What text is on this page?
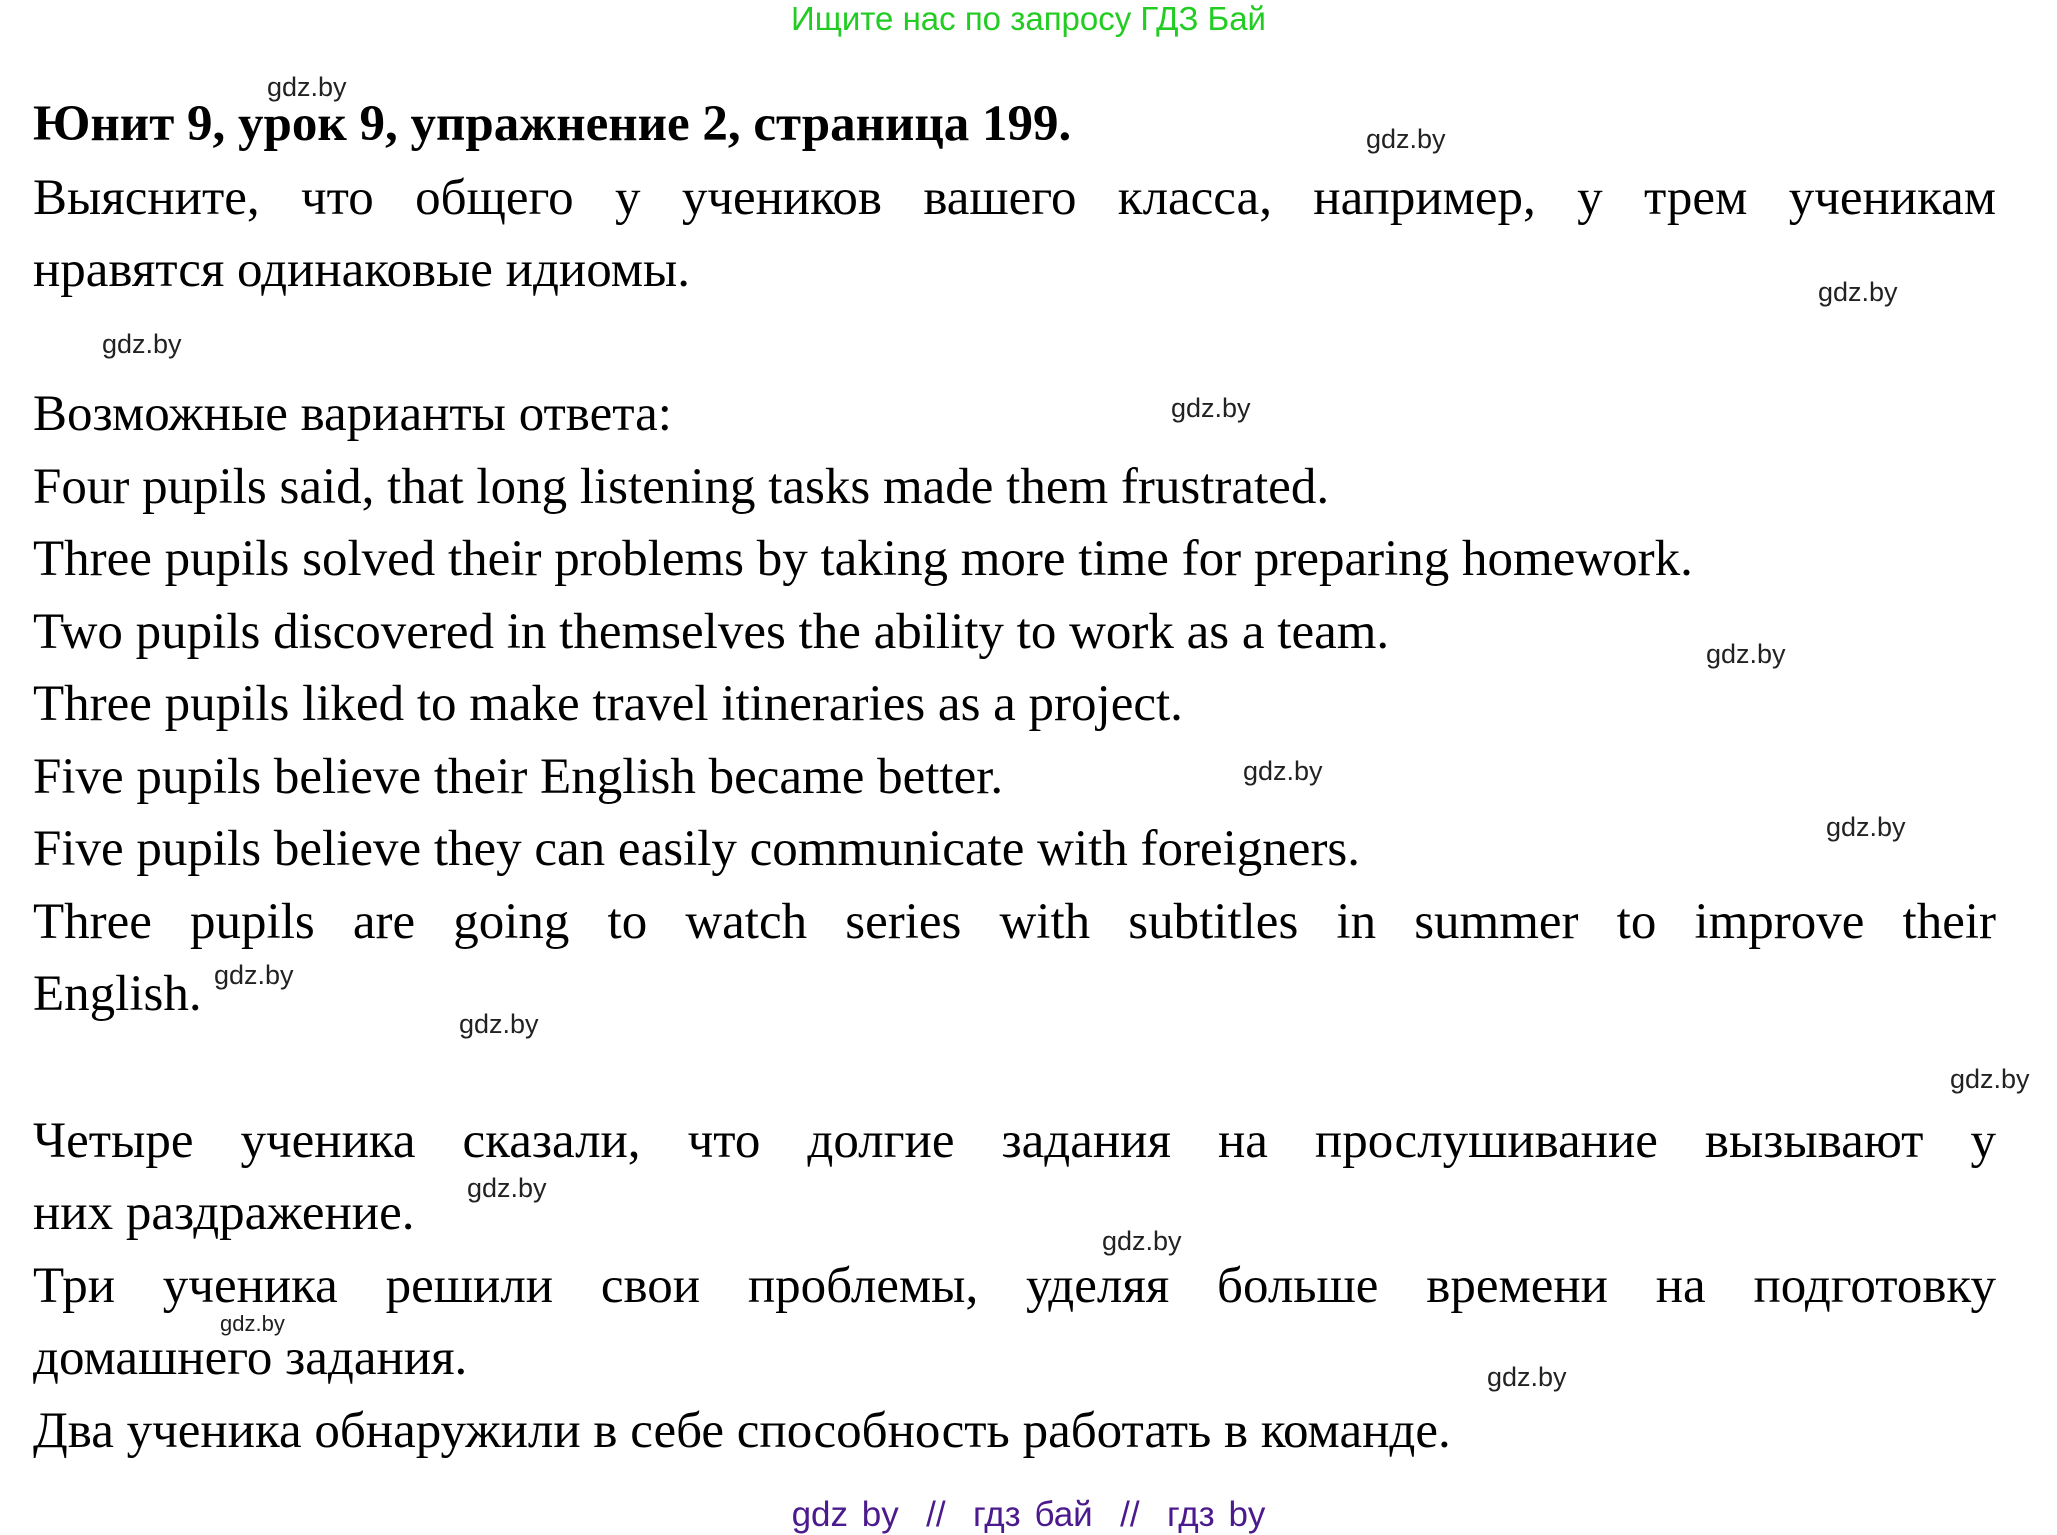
Ищите нас по запросу ГДЗ Бай
gdz.by
Юнит 9, урок 9, упражнение 2, страница 199.	gdz.by
Выясните, что общего у учеников вашего класса, например, у трем ученикам
нравятся одинаковые идиомы.	gdz.by
gdz.by
Возможные варианты ответа:	gdz.by
Four pupils said, that long listening tasks made them frustrated.
Three pupils solved their problems by taking more time for preparing homework.
Two pupils discovered in themselves the ability to work as a team.	gdz.by
Three pupils liked to make travel itineraries as a project.
Five pupils believe their English became better.	gdz.by
gdz.by
Five pupils believe they can easily communicate with foreigners.
Three pupils are going to watch series with subtitles in summer to improve their
English. gdz.by
gdz.by
gdz.by
Четыре ученика сказали, что долгие задания на прослушивание вызывают у
gdz.by
них раздражение.	gdz.by
Три ученика решили свои проблемы, уделяя больше времени на подготовку
gdz.by
домашнего задания.	gdz.by
Два ученика обнаружили в себе способность работать в команде.
gdz by  //  гдз бай  //  гдз by
